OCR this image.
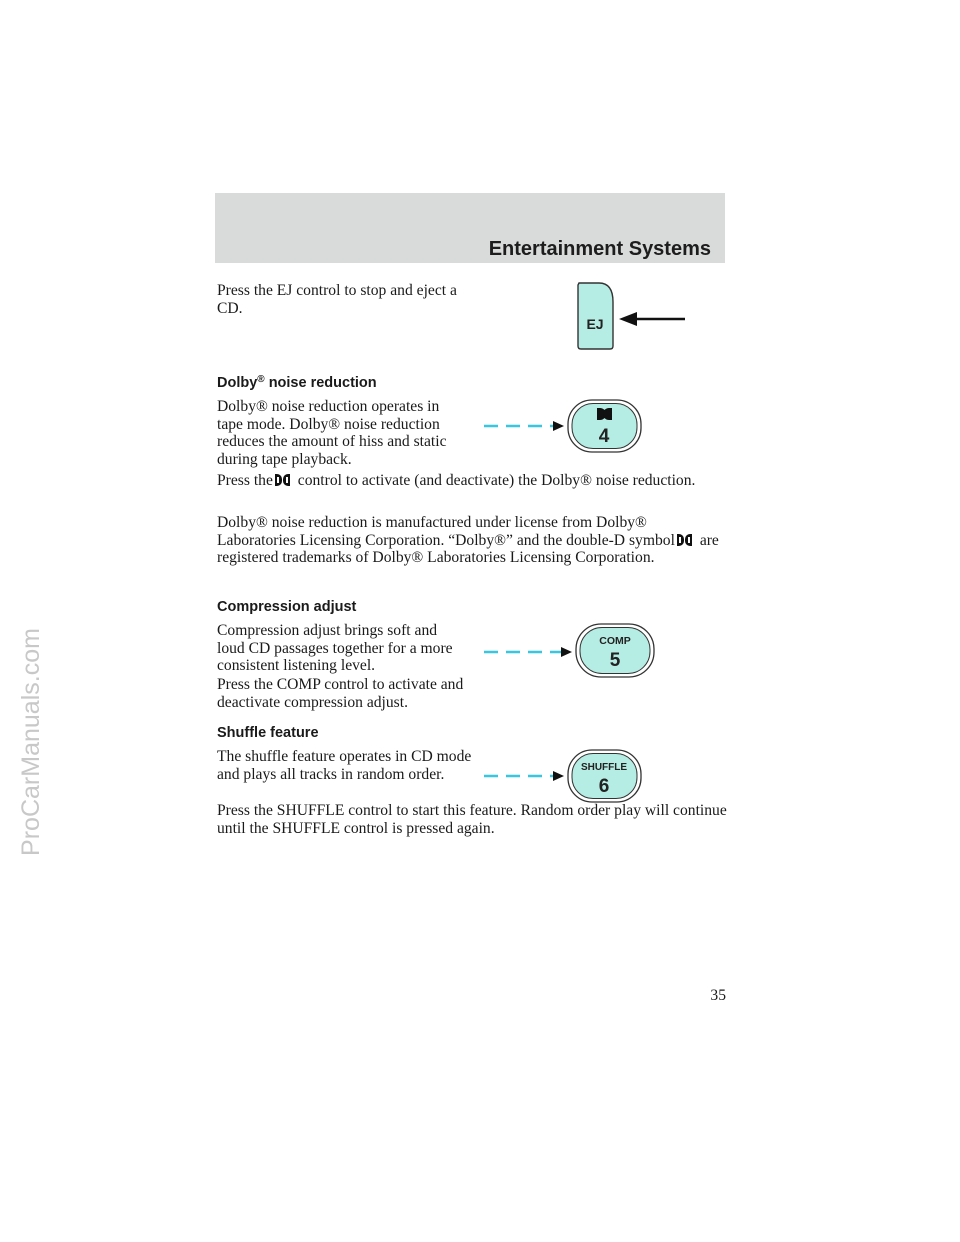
ProCarManuals.com
Entertainment Systems

Press the EJ control to stop and eject a CD.

EJ
Dolby® noise reduction

Dolby® noise reduction operates in tape mode. Dolby® noise reduction reduces the amount of hiss and static during tape playback.

4

Press the control to activate (and deactivate) the Dolby® noise reduction.

Dolby® noise reduction is manufactured under license from Dolby® Laboratories Licensing Corporation. “Dolby®” and the double-D symbol are registered trademarks of Dolby® Laboratories Licensing Corporation.

Compression adjust

Compression adjust brings soft and loud CD passages together for a more consistent listening level.

Press the COMP control to activate and deactivate compression adjust.

COMP
5
Shuffle feature

The shuffle feature operates in CD mode and plays all tracks in random order.

Press the SHUFFLE control to start this feature. Random order play will continue until the SHUFFLE control is pressed again.

SHUFFLE
6
35
